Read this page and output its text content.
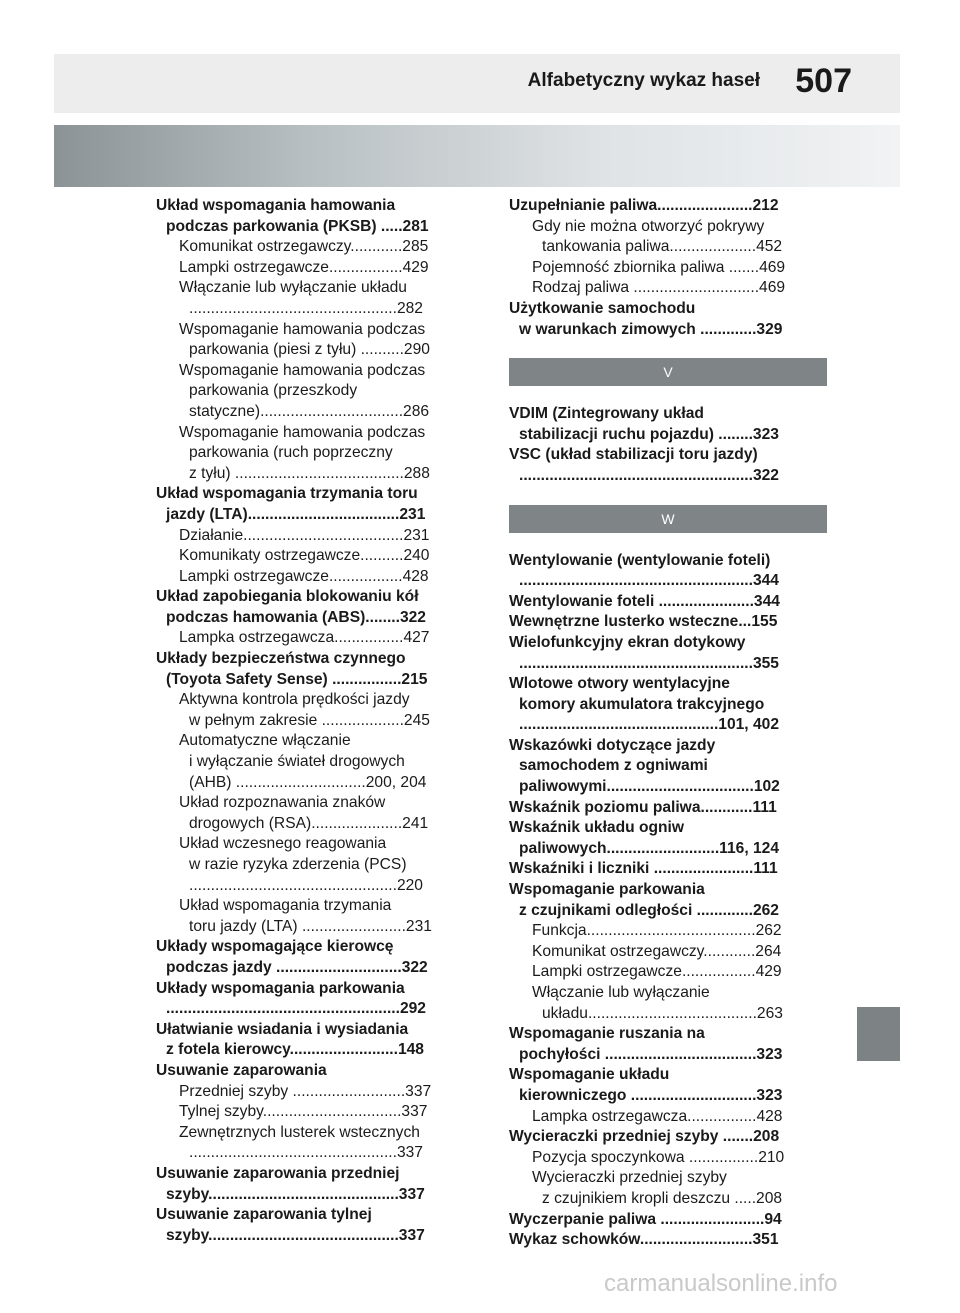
Alfabetyczny wykaz haseł 507
Układ wspomagania hamowania
podczas parkowania (PKSB) .....281
Komunikat ostrzegawczy............285
Lampki ostrzegawcze.................429
Włączanie lub wyłączanie układu
................................................282
Wspomaganie hamowania podczas
parkowania (piesi z tyłu) ..........290
Wspomaganie hamowania podczas
parkowania (przeszkody
statyczne).................................286
Wspomaganie hamowania podczas
parkowania (ruch poprzeczny
z tyłu) .......................................288
Układ wspomagania trzymania toru
jazdy (LTA)...................................231
Działanie.....................................231
Komunikaty ostrzegawcze..........240
Lampki ostrzegawcze.................428
Układ zapobiegania blokowaniu kół
podczas hamowania (ABS)........322
Lampka ostrzegawcza................427
Układy bezpieczeństwa czynnego
(Toyota Safety Sense) ................215
Aktywna kontrola prędkości jazdy
w pełnym zakresie ...................245
Automatyczne włączanie
i wyłączanie świateł drogowych
(AHB) ..............................200, 204
Układ rozpoznawania znaków
drogowych (RSA).....................241
Układ wczesnego reagowania
w razie ryzyka zderzenia (PCS)
................................................220
Układ wspomagania trzymania
toru jazdy (LTA) ........................231
Układy wspomagające kierowcę
podczas jazdy .............................322
Układy wspomagania parkowania
......................................................292
Ułatwianie wsiadania i wysiadania
z fotela kierowcy.........................148
Usuwanie zaparowania
Przedniej szyby ..........................337
Tylnej szyby................................337
Zewnętrznych lusterek wstecznych
................................................337
Usuwanie zaparowania przedniej
szyby............................................337
Usuwanie zaparowania tylnej
szyby............................................337
Uzupełnianie paliwa......................212
Gdy nie można otworzyć pokrywy
tankowania paliwa....................452
Pojemność zbiornika paliwa .......469
Rodzaj paliwa .............................469
Użytkowanie samochodu
w warunkach zimowych .............329
V
VDIM (Zintegrowany układ
stabilizacji ruchu pojazdu) ........323
VSC (układ stabilizacji toru jazdy)
......................................................322
W
Wentylowanie (wentylowanie foteli)
......................................................344
Wentylowanie foteli ......................344
Wewnętrzne lusterko wsteczne...155
Wielofunkcyjny ekran dotykowy
......................................................355
Wlotowe otwory wentylacyjne
komory akumulatora trakcyjnego
..............................................101, 402
Wskazówki dotyczące jazdy
samochodem z ogniwami
paliwowymi..................................102
Wskaźnik poziomu paliwa............111
Wskaźnik układu ogniw
paliwowych..........................116, 124
Wskaźniki i liczniki .......................111
Wspomaganie parkowania
z czujnikami odległości .............262
Funkcja.......................................262
Komunikat ostrzegawczy............264
Lampki ostrzegawcze.................429
Włączanie lub wyłączanie
układu.......................................263
Wspomaganie ruszania na
pochyłości ...................................323
Wspomaganie układu
kierowniczego .............................323
Lampka ostrzegawcza................428
Wycieraczki przedniej szyby .......208
Pozycja spoczynkowa ................210
Wycieraczki przedniej szyby
z czujnikiem kropli deszczu .....208
Wyczerpanie paliwa ........................94
Wykaz schowków..........................351
carmanualsonline.info
